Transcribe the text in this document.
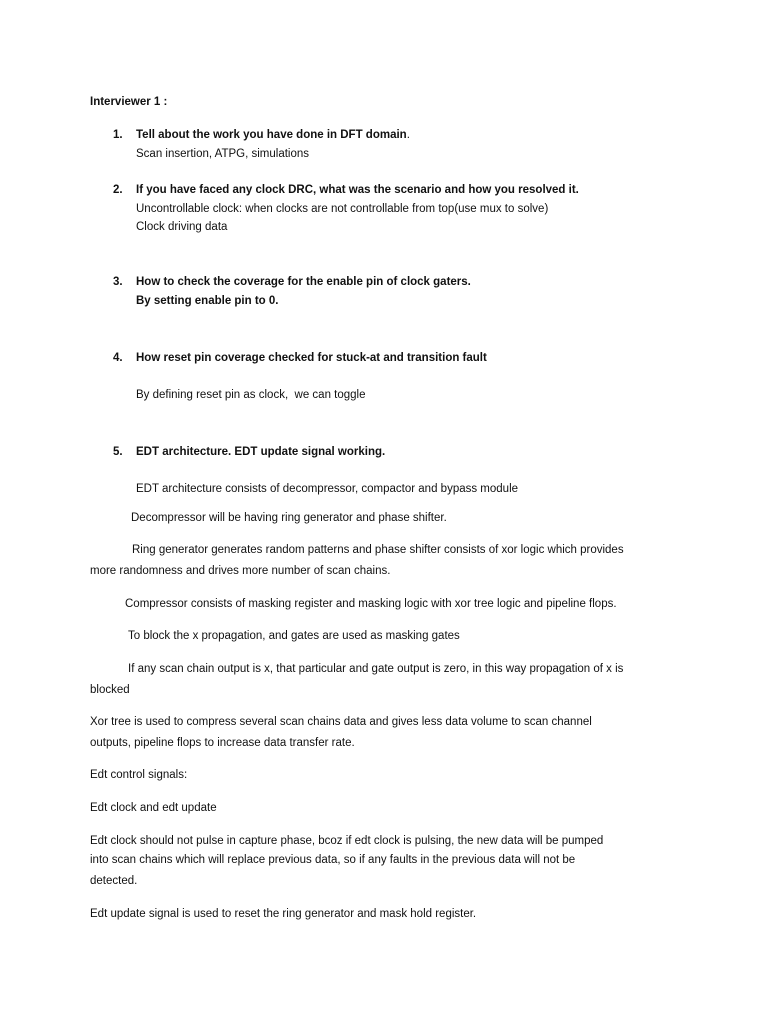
Interviewer 1 :
1. Tell about the work you have done in DFT domain.
Scan insertion, ATPG, simulations
2. If you have faced any clock DRC, what was the scenario and how you resolved it.
Uncontrollable clock: when clocks are not controllable from top(use mux to solve)
Clock driving data
3. How to check the coverage for the enable pin of clock gaters.
By setting enable pin to 0.
4. How reset pin coverage checked for stuck-at and transition fault
By defining reset pin as clock,  we can toggle
5. EDT architecture. EDT update signal working.
EDT architecture consists of decompressor, compactor and bypass module
Decompressor will be having ring generator and phase shifter.
Ring generator generates random patterns and phase shifter consists of xor logic which provides
more randomness and drives more number of scan chains.
Compressor consists of masking register and masking logic with xor tree logic and pipeline flops.
To block the x propagation, and gates are used as masking gates
If any scan chain output is x, that particular and gate output is zero, in this way propagation of x is
blocked
Xor tree is used to compress several scan chains data and gives less data volume to scan channel
outputs, pipeline flops to increase data transfer rate.
Edt control signals:
Edt clock and edt update
Edt clock should not pulse in capture phase, bcoz if edt clock is pulsing, the new data will be pumped
into scan chains which will replace previous data, so if any faults in the previous data will not be
detected.
Edt update signal is used to reset the ring generator and mask hold register.
